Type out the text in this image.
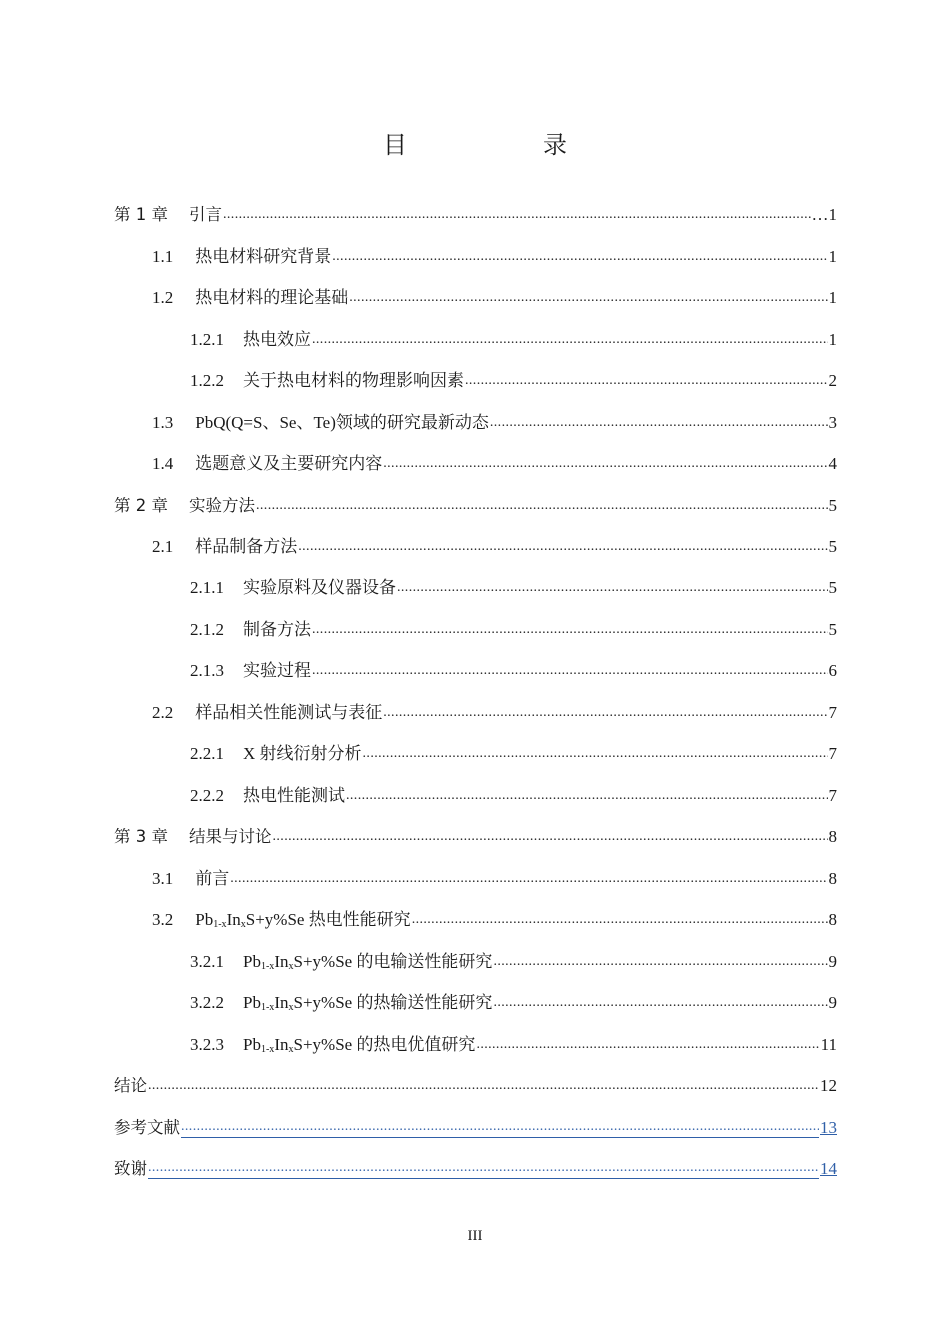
目　录
第 1 章 引言 .....	…1
1.1 热电材料研究背景 .....	1
1.2 热电材料的理论基础 .....	1
1.2.1 热电效应 .....	1
1.2.2 关于热电材料的物理影响因素 .....	2
1.3 PbQ(Q=S、Se、Te)领域的研究最新动态 .....	3
1.4 选题意义及主要研究内容 .....	4
第 2 章 实验方法 .....	5
2.1 样品制备方法 .....	5
2.1.1 实验原料及仪器设备 .....	5
2.1.2 制备方法 .....	5
2.1.3 实验过程 .....	6
2.2 样品相关性能测试与表征 .....	7
2.2.1 X 射线衍射分析 .....	7
2.2.2 热电性能测试 .....	7
第 3 章 结果与讨论 .....	8
3.1 前言 .....	8
3.2 $Pb_{1-x}In_xS+y\%Se$ 热电性能研究 .....	8
3.2.1 $Pb_{1-x}In_xS+y\%Se$ 的电输送性能研究 .....	9
3.2.2 $Pb_{1-x}In_xS+y\%Se$ 的热输送性能研究 .....	9
3.2.3 $Pb_{1-x}In_xS+y\%Se$ 的热电优值研究 .....	11
结论 .....	12
参考文献 .....	13
致谢 .....	14
III
